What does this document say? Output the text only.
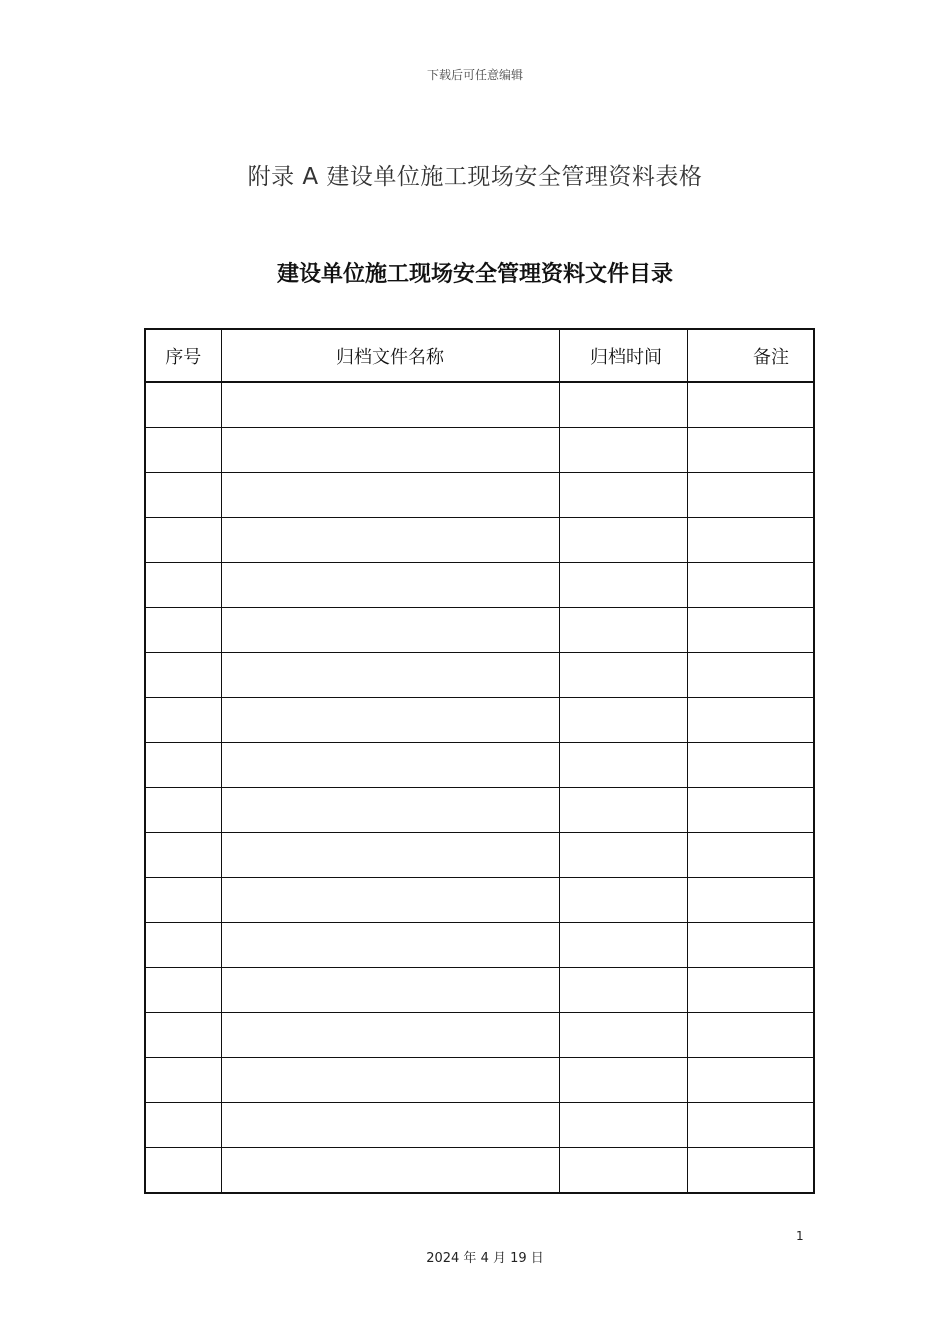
下载后可任意编辑
附录 A 建设单位施工现场安全管理资料表格
建设单位施工现场安全管理资料文件目录
序号	归档文件名称	归档时间	备注

1
2024 年 4 月 19 日
